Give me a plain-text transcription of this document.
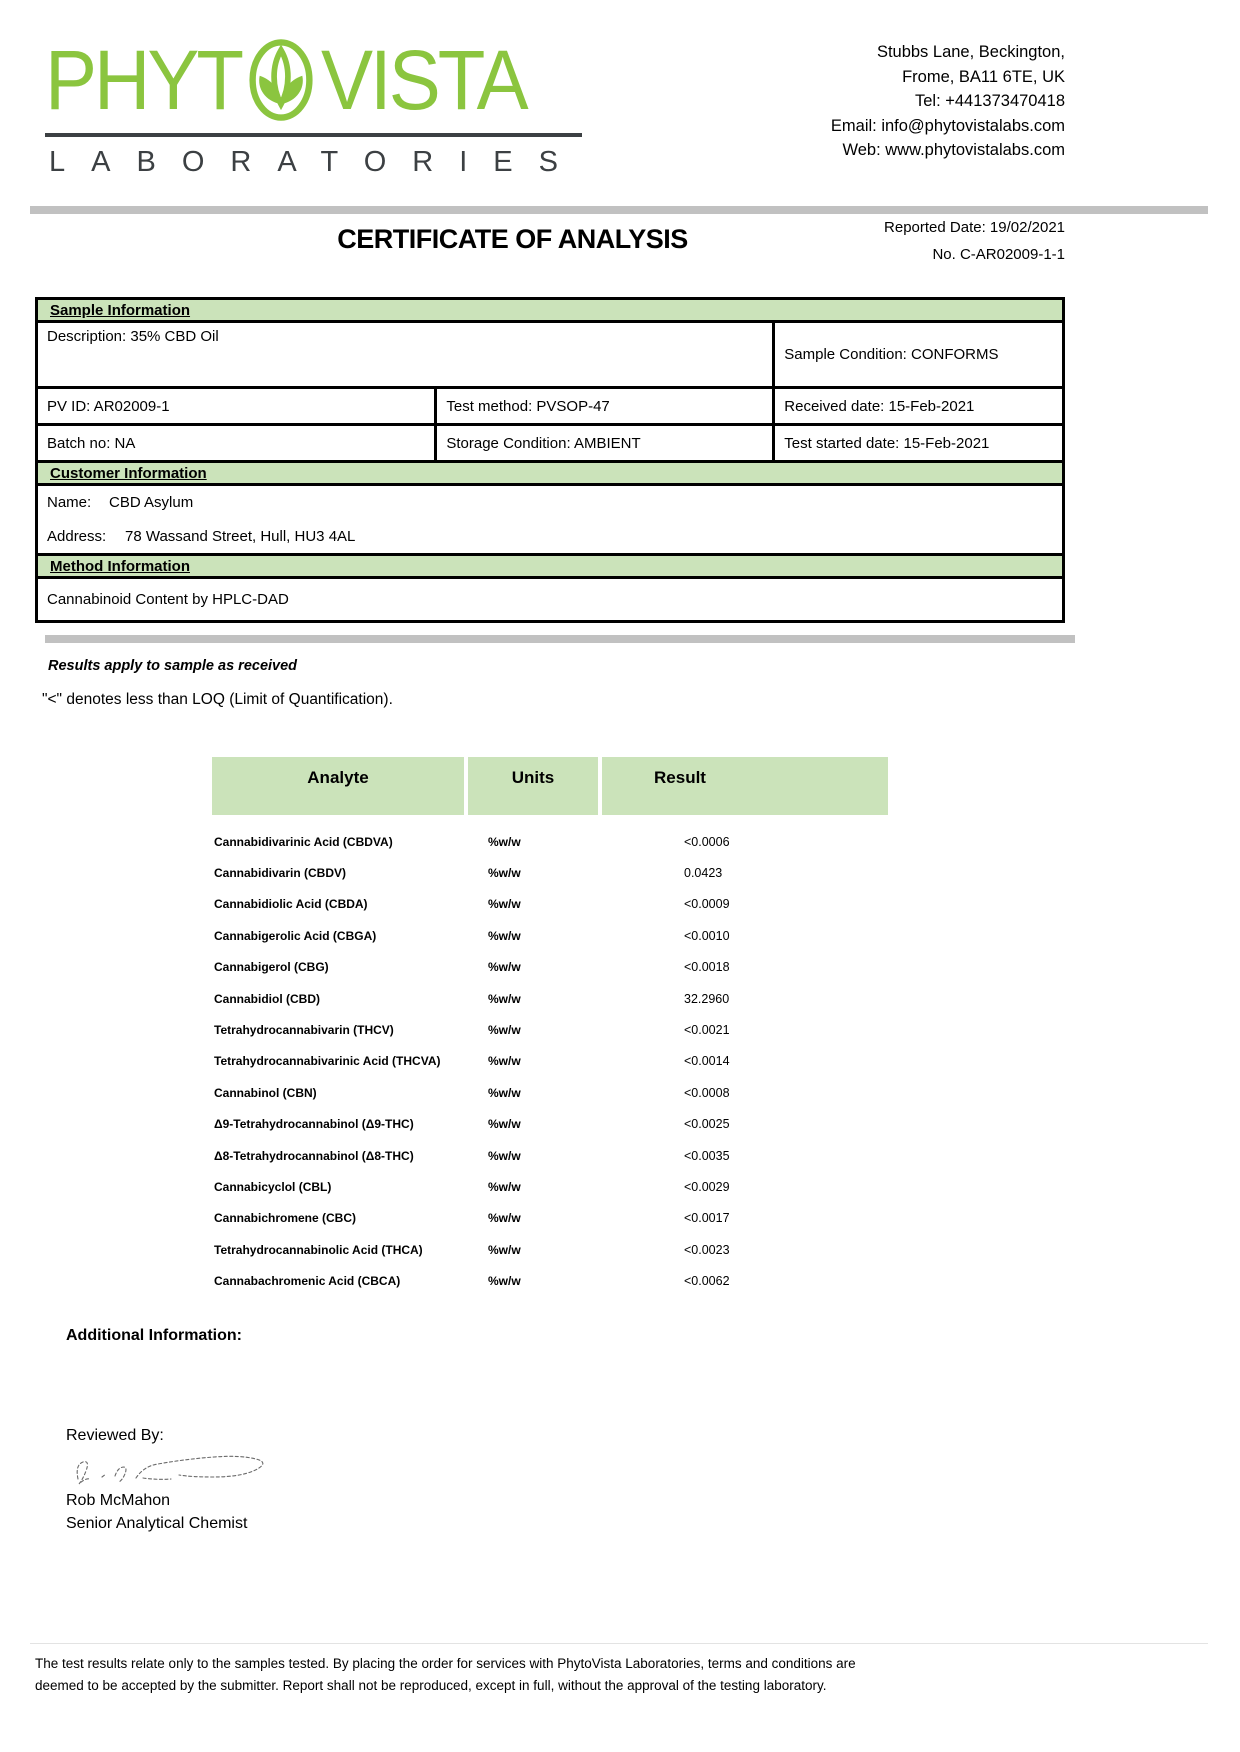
PHYT VISTA
LABORATORIES
Stubbs Lane, Beckington,
Frome, BA11 6TE, UK
Tel: +441373470418
Email: info@phytovistalabs.com
Web: www.phytovistalabs.com
Reported Date: 19/02/2021
No. C-AR02009-1-1
CERTIFICATE OF ANALYSIS
Sample Information
Description: 35% CBD Oil
Sample Condition: CONFORMS
PV ID: AR02009-1	Test method: PVSOP-47	Received date: 15-Feb-2021
Batch no: NA	Storage Condition: AMBIENT	Test started date: 15-Feb-2021
Customer Information
Name: CBD Asylum
Address: 78 Wassand Street, Hull, HU3 4AL
Method Information
Cannabinoid Content by HPLC-DAD
Results apply to sample as received
"<" denotes less than LOQ (Limit of Quantification).
Analyte	Units	Result
Cannabidivarinic Acid (CBDVA)	%w/w	<0.0006
Cannabidivarin (CBDV)	%w/w	0.0423
Cannabidiolic Acid (CBDA)	%w/w	<0.0009
Cannabigerolic Acid (CBGA)	%w/w	<0.0010
Cannabigerol (CBG)	%w/w	<0.0018
Cannabidiol (CBD)	%w/w	32.2960
Tetrahydrocannabivarin (THCV)	%w/w	<0.0021
Tetrahydrocannabivarinic Acid (THCVA)	%w/w	<0.0014
Cannabinol (CBN)	%w/w	<0.0008
Δ9-Tetrahydrocannabinol (Δ9-THC)	%w/w	<0.0025
Δ8-Tetrahydrocannabinol (Δ8-THC)	%w/w	<0.0035
Cannabicyclol (CBL)	%w/w	<0.0029
Cannabichromene (CBC)	%w/w	<0.0017
Tetrahydrocannabinolic Acid (THCA)	%w/w	<0.0023
Cannabachromenic Acid (CBCA)	%w/w	<0.0062
Additional Information:
Reviewed By:
Rob McMahon
Senior Analytical Chemist
The test results relate only to the samples tested. By placing the order for services with PhytoVista Laboratories, terms and conditions are
deemed to be accepted by the submitter. Report shall not be reproduced, except in full, without the approval of the testing laboratory.
